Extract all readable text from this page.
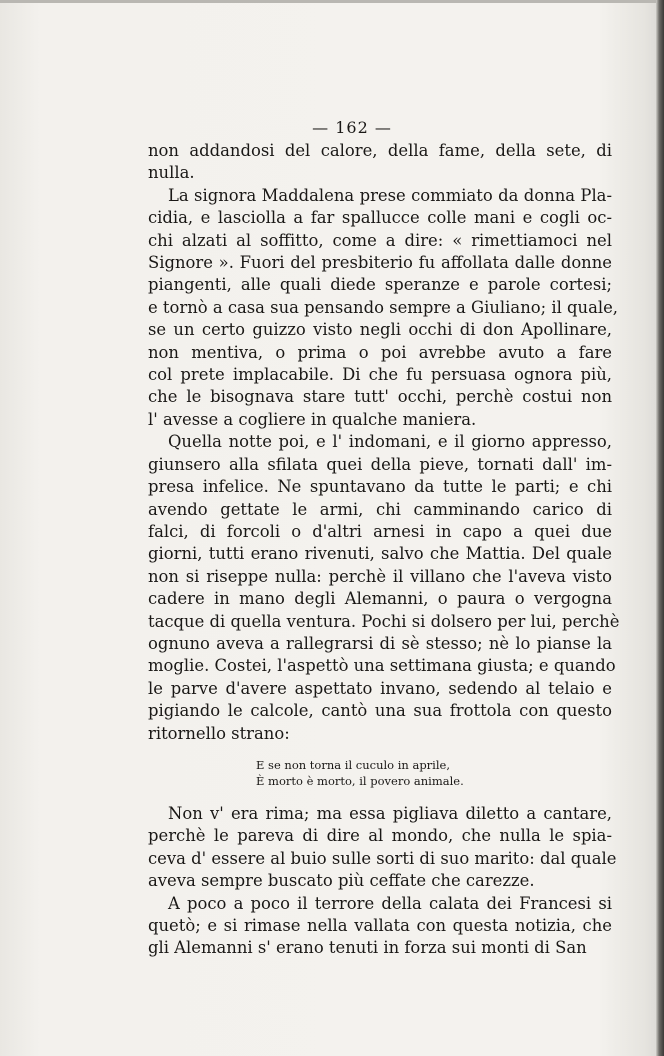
— 162 —

non addandosi del calore, della fame, della sete, di
nulla.

La signora Maddalena prese commiato da donna Pla-
cidia, e lasciolla a far spallucce colle mani e cogli oc-
chi alzati al soffitto, come a dire: « rimettiamoci nel
Signore ». Fuori del presbiterio fu affollata dalle donne
piangenti, alle quali diede speranze e parole cortesi;
e tornò a casa sua pensando sempre a Giuliano; il quale,
se un certo guizzo visto negli occhi di don Apollinare,
non mentiva, o prima o poi avrebbe avuto a fare
col prete implacabile. Di che fu persuasa ognora più,
che le bisognava stare tutt' occhi, perchè costui non
l' avesse a cogliere in qualche maniera.

Quella notte poi, e l' indomani, e il giorno appresso,
giunsero alla sfilata quei della pieve, tornati dall' im-
presa infelice. Ne spuntavano da tutte le parti; e chi
avendo gettate le armi, chi camminando carico di
falci, di forcoli o d'altri arnesi in capo a quei due
giorni, tutti erano rivenuti, salvo che Mattia. Del quale
non si riseppe nulla: perchè il villano che l'aveva visto
cadere in mano degli Alemanni, o paura o vergogna
tacque di quella ventura. Pochi si dolsero per lui, perchè
ognuno aveva a rallegrarsi di sè stesso; nè lo pianse la
moglie. Costei, l'aspettò una settimana giusta; e quando
le parve d'avere aspettato invano, sedendo al telaio e
pigiando le calcole, cantò una sua frottola con questo
ritornello strano:

E se non torna il cuculo in aprile,
È morto è morto, il povero animale.

Non v' era rima; ma essa pigliava diletto a cantare,
perchè le pareva di dire al mondo, che nulla le spia-
ceva d' essere al buio sulle sorti di suo marito: dal quale
aveva sempre buscato più ceffate che carezze.

A poco a poco il terrore della calata dei Francesi si
quetò; e si rimase nella vallata con questa notizia, che
gli Alemanni s' erano tenuti in forza sui monti di San
